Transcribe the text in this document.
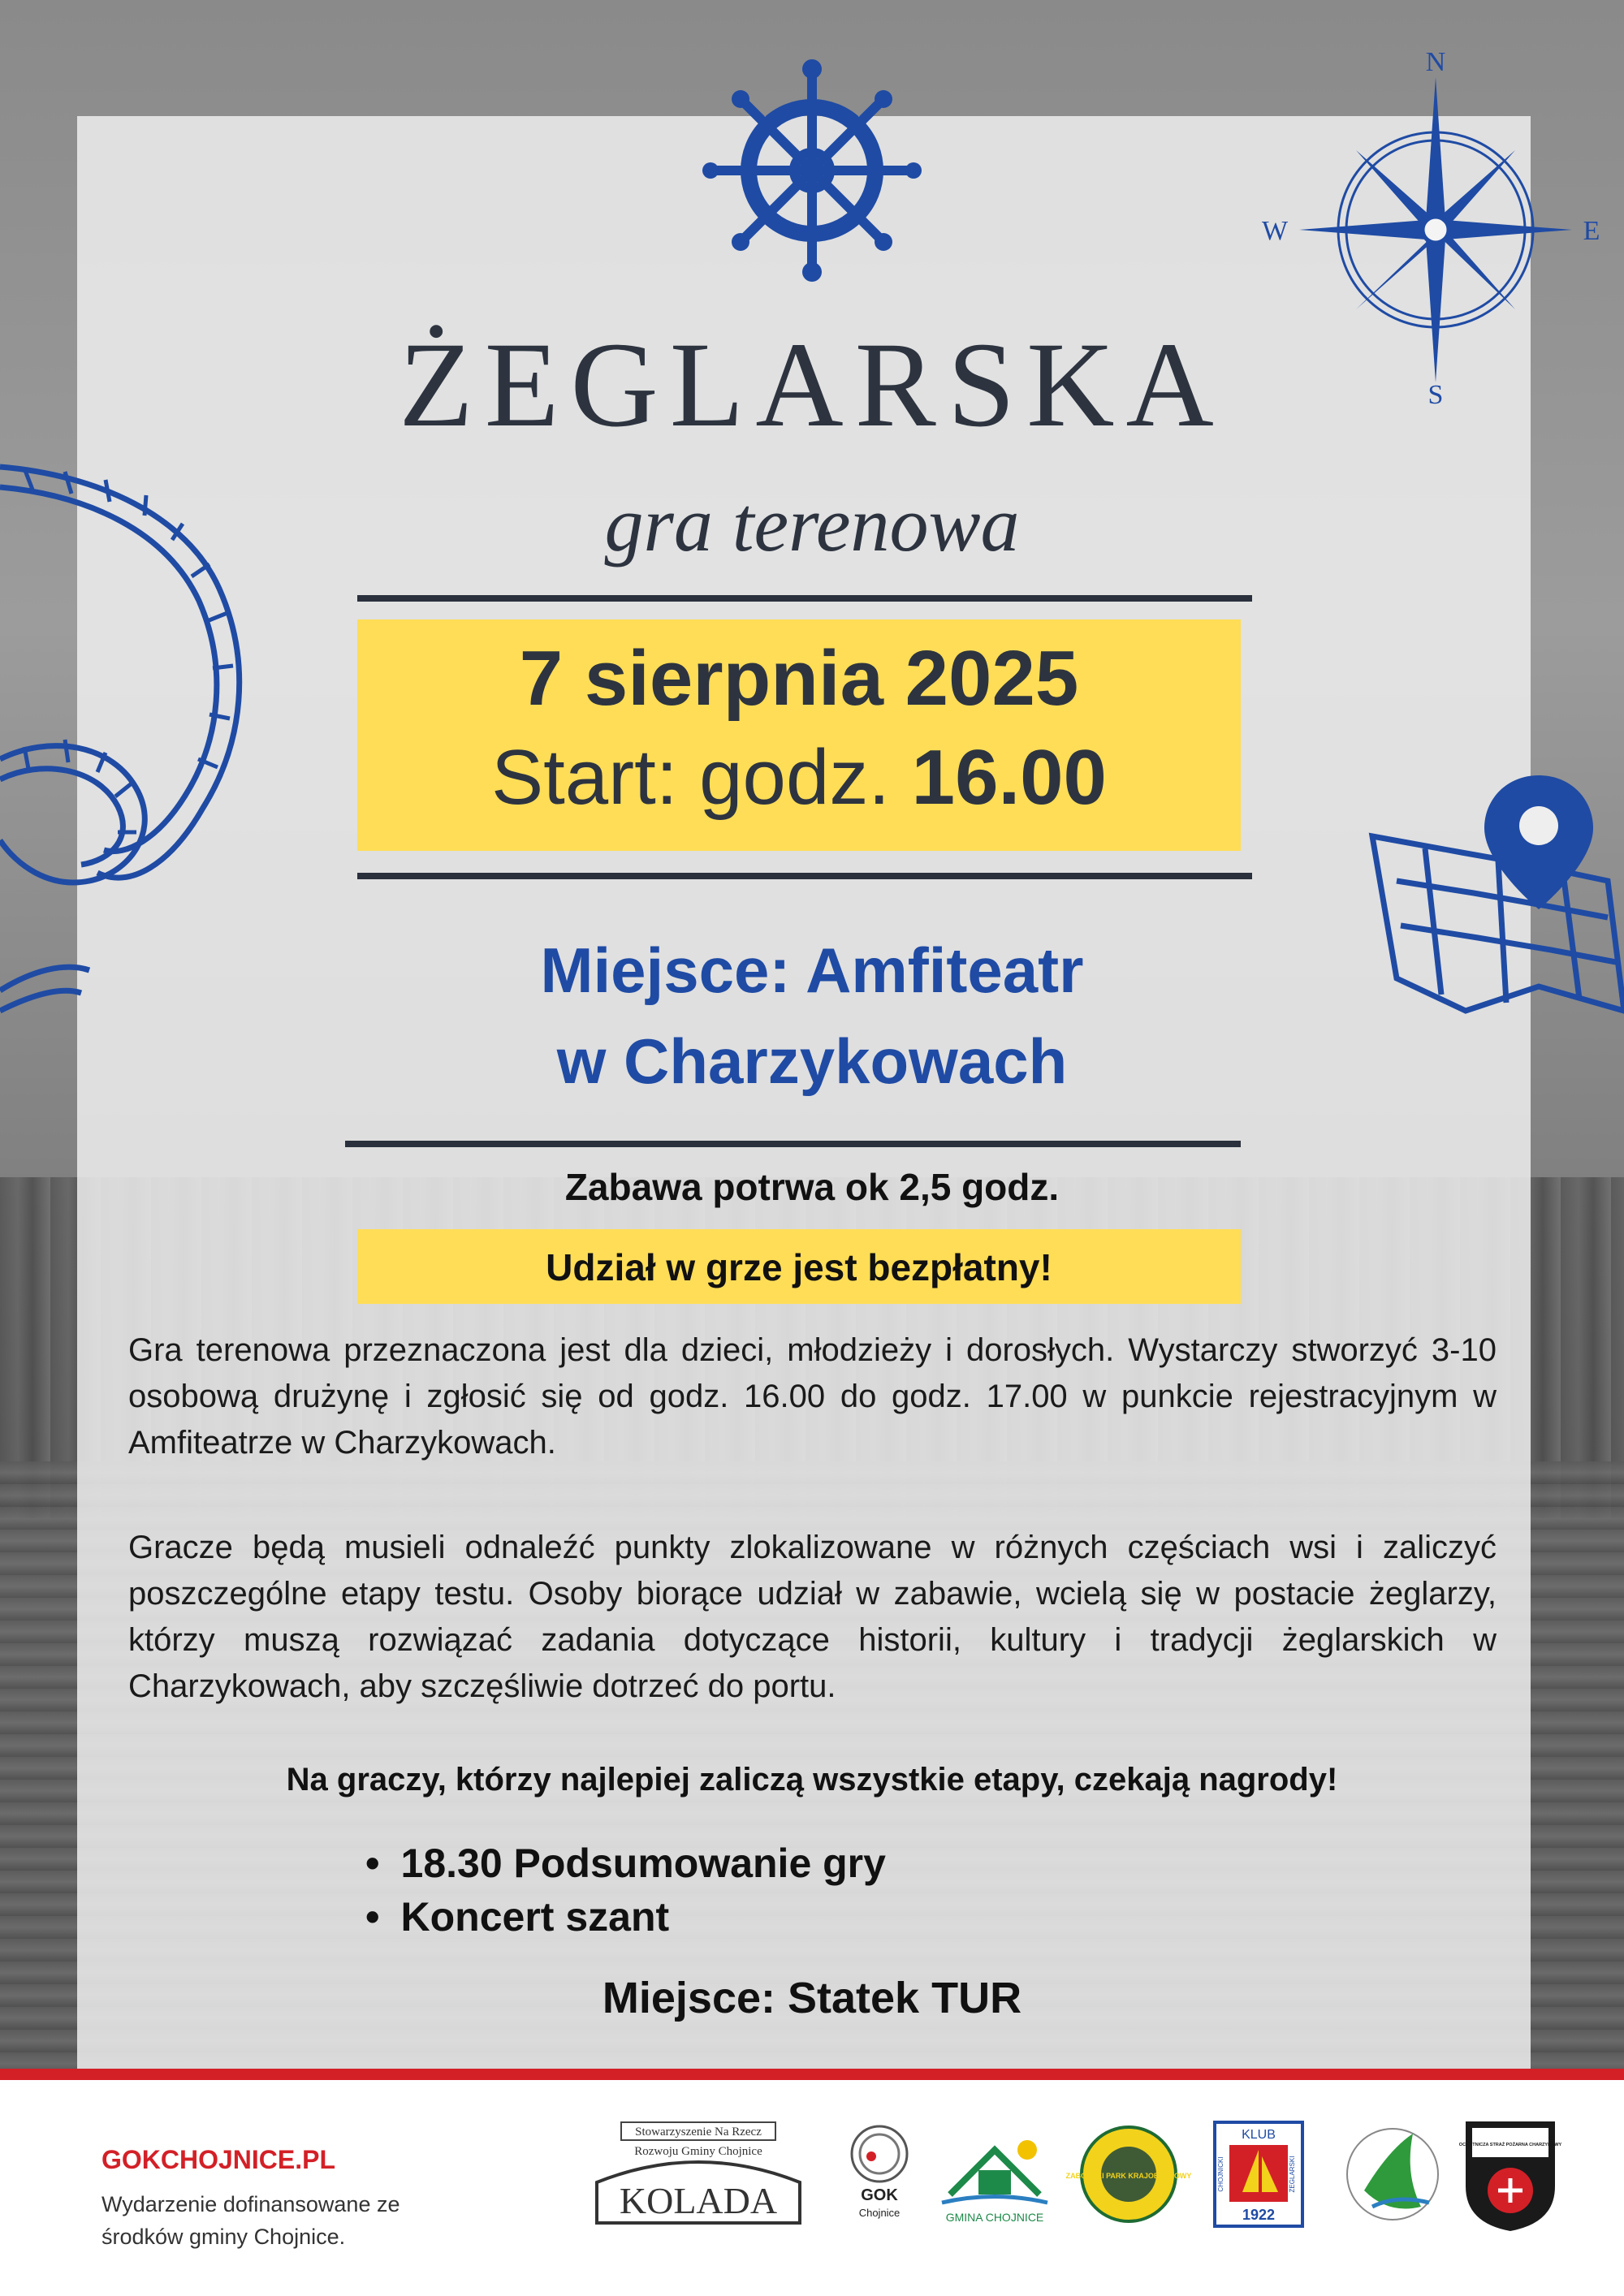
N
W	E
S
ŻEGLARSKA
gra terenowa
7 sierpnia 2025
Start: godz. 16.00
Miejsce: Amfiteatr
w Charzykowach
Zabawa potrwa ok 2,5 godz.
Udział w grze jest bezpłatny!

Gra terenowa przeznaczona jest dla dzieci, młodzieży i dorosłych. Wystarczy stworzyć 3-10 osobową drużynę i zgłosić się od godz. 16.00 do godz. 17.00 w punkcie rejestracyjnym w Amfiteatrze w Charzykowach.

Gracze będą musieli odnaleźć punkty zlokalizowane w różnych częściach wsi i zaliczyć poszczególne etapy testu. Osoby biorące udział w zabawie, wcielą się w postacie żeglarzy, którzy muszą rozwiązać zadania dotyczące historii, kultury i tradycji żeglarskich w Charzykowach, aby szczęśliwie dotrzeć do portu.

Na graczy, którzy najlepiej zaliczą wszystkie etapy, czekają nagrody!
• 18.30 Podsumowanie gry
• Koncert szant
Miejsce: Statek TUR
GOKCHOJNICE.PL
Wydarzenie dofinansowane ze środków gminy Chojnice.
Stowarzyszenie Na Rzecz
Rozwoju Gminy Chojnice
KOLADA	GOK
Chojnice	GMINA CHOJNICE
ZABORSKI PARK KRAJOBRAZOWY
KLUB
1922
CHOJNICKI	ŻEGLARSKI
OCHOTNICZA STRAŻ POŻARNA CHARZYKOWY
